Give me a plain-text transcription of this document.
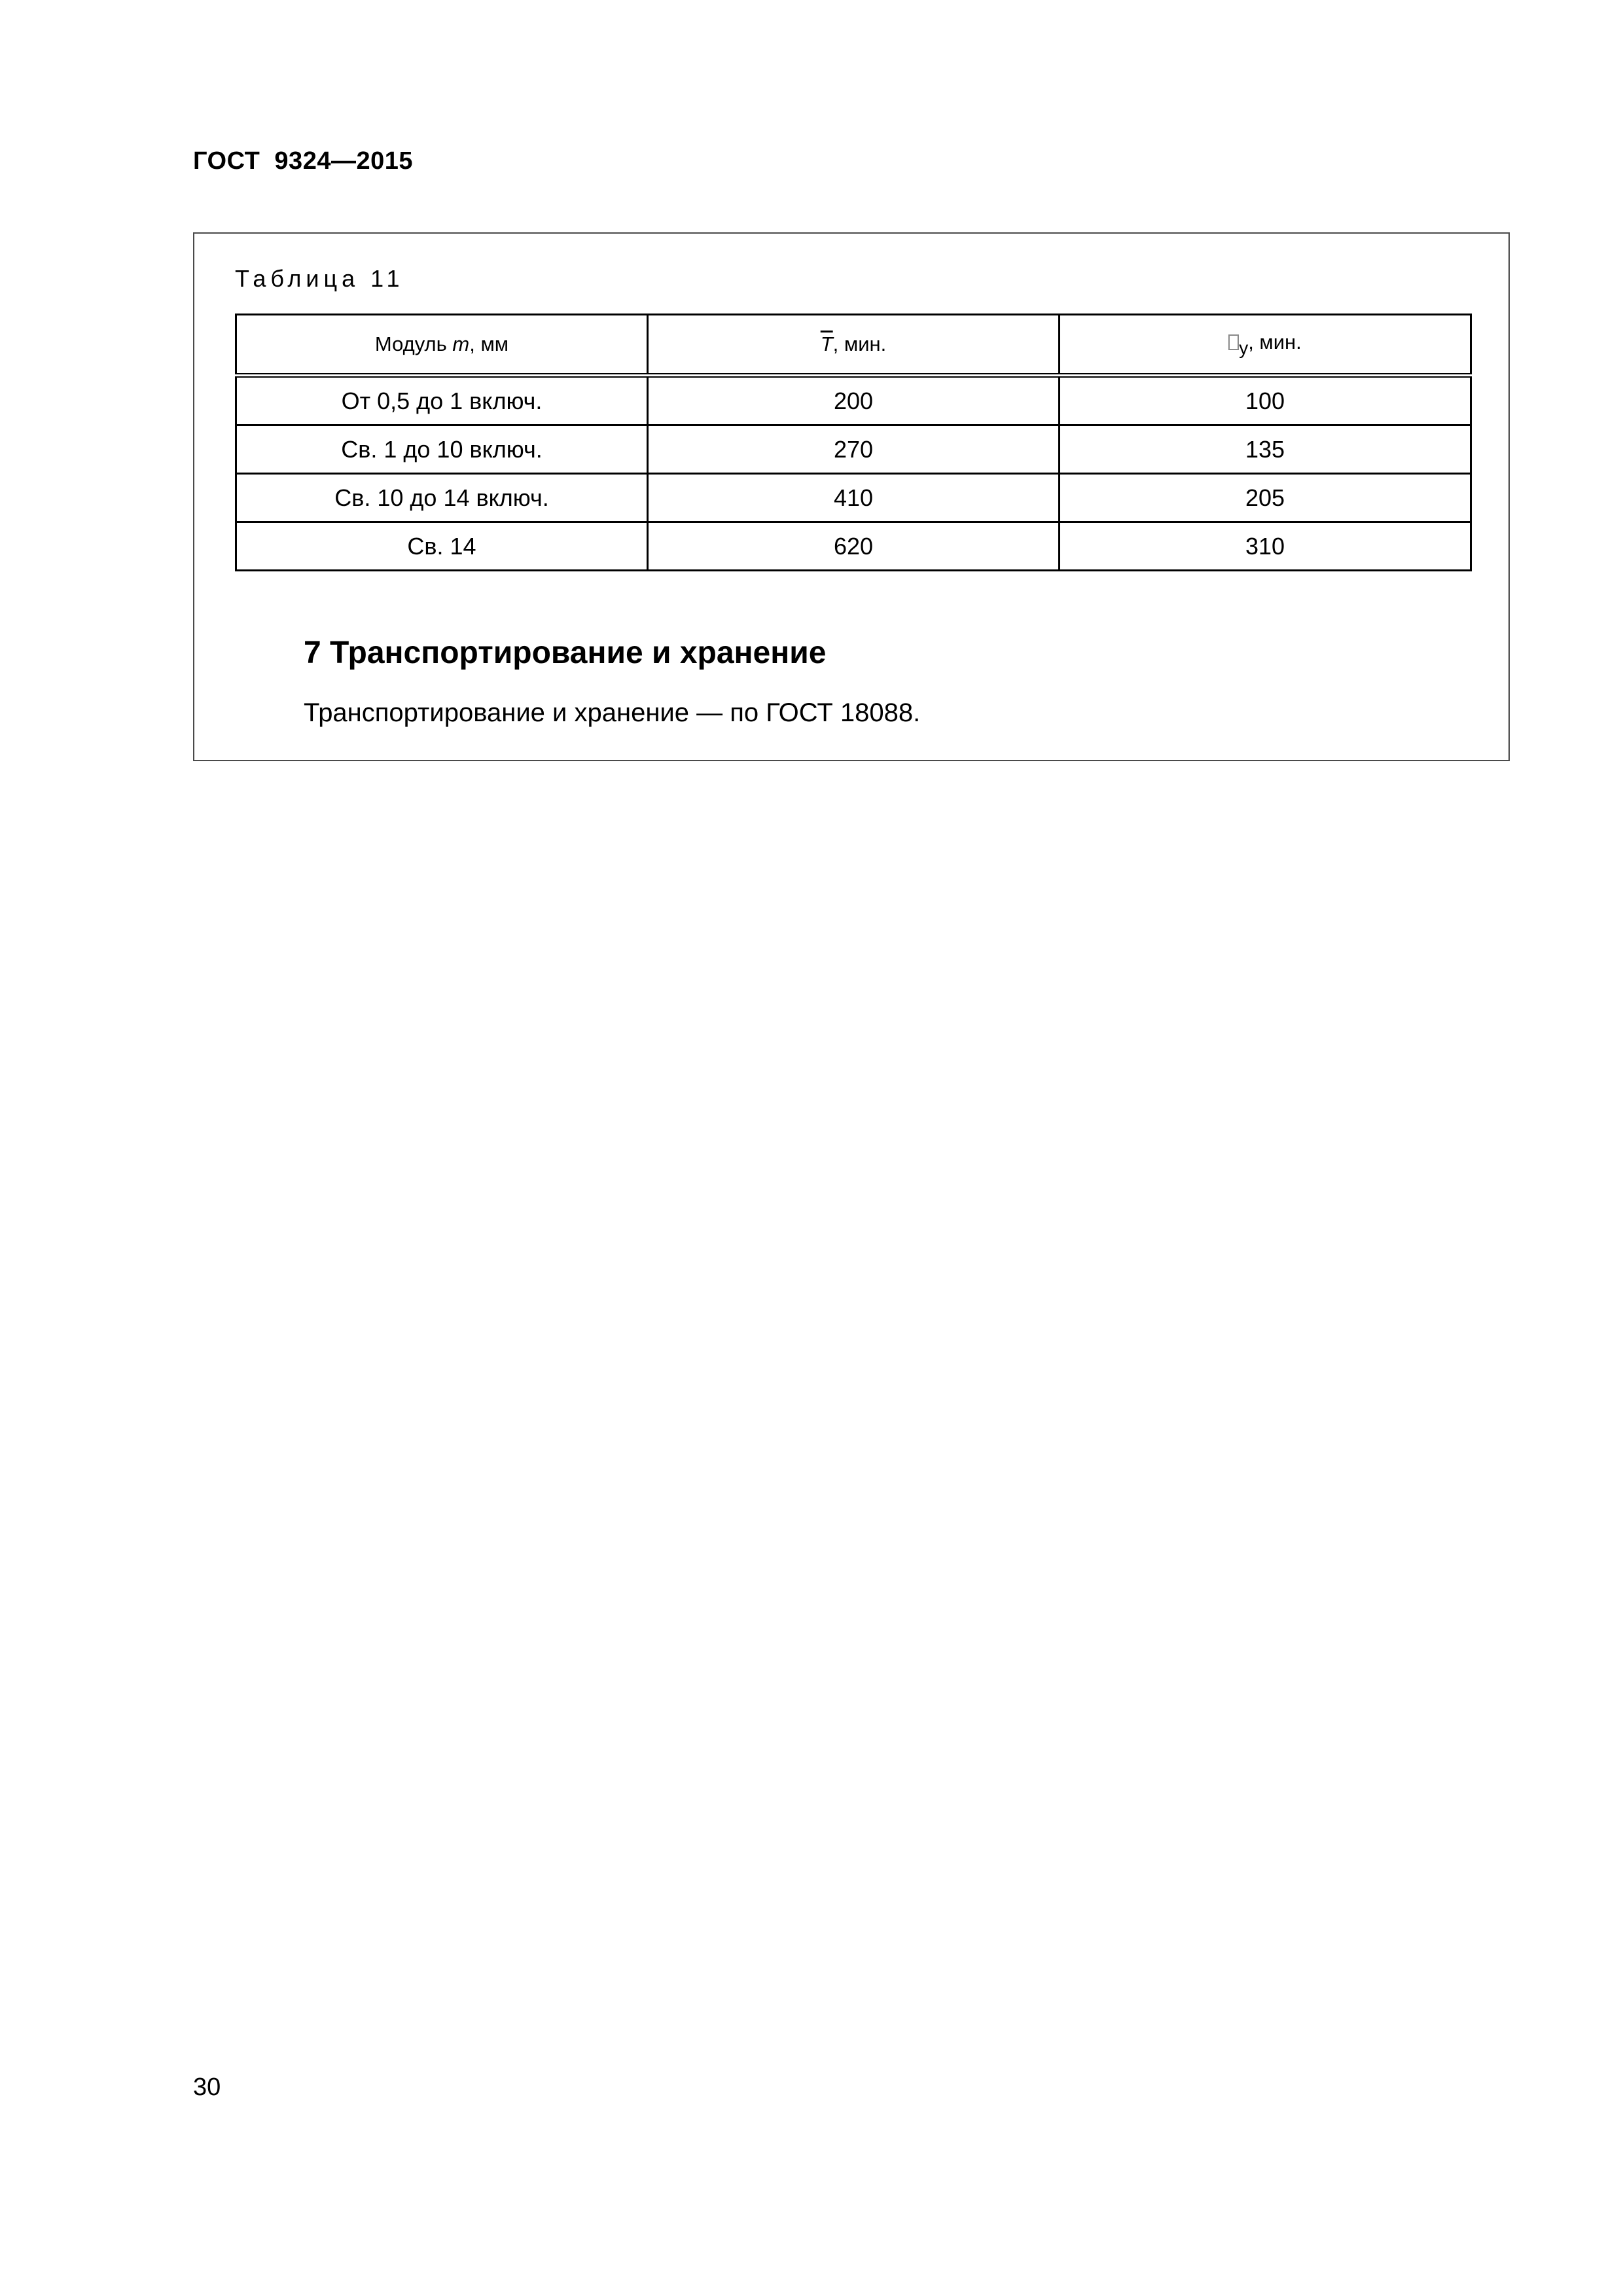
ГОСТ  9324—2015
Таблица 11
Модуль m, мм	$\overline{T}$, мин.	у, мин.
От 0,5 до 1 включ.	200	100
Св. 1 до 10 включ.	270	135
Св. 10 до 14 включ.	410	205
Св. 14	620	310
7 Транспортирование и хранение
Транспортирование и хранение — по ГОСТ 18088.
30
